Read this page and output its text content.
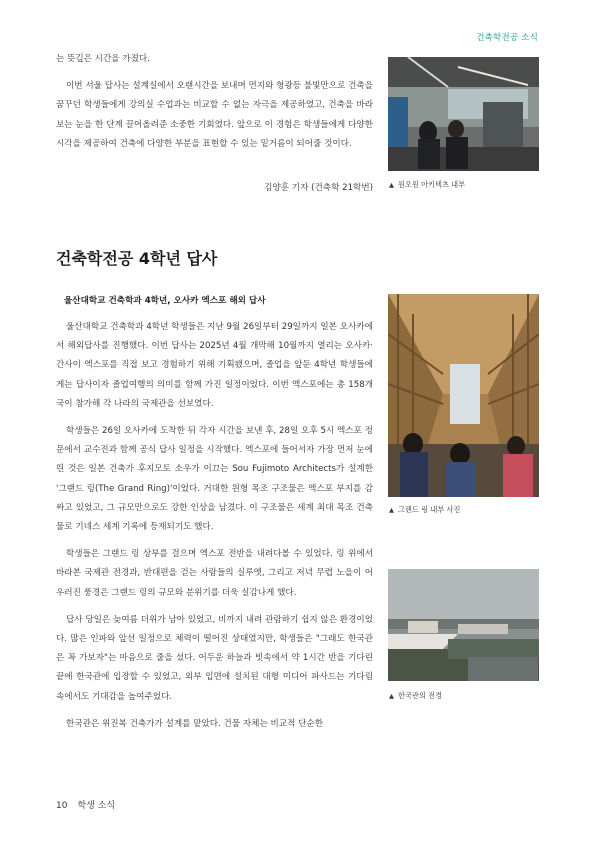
건축학전공 소식

는 뜻깊은 시간을 가졌다.

이번 서울 답사는 설계실에서 오랜시간을 보내며 먼지와 형광등 불빛만으로 건축을 꿈꾸던 학생들에게 강의실 수업과는 비교할 수 없는 자극을 제공하였고, 건축을 바라보는 눈을 한 단계 끌어올려준 소중한 기회였다. 앞으로 이 경험은 학생들에게 다양한 시각을 제공하여 건축에 다양한 부분을 표현할 수 있는 밑거름이 되어줄 것이다.

김양훈 기자 (건축학 21학번) ▲ 원오원 아키텍츠 내부
건축학전공 4학년 답사
울산대학교 건축학과 4학년, 오사카 엑스포 해외 답사

울산대학교 건축학과 4학년 학생들은 지난 9월 26일부터 29일까지 일본 오사카에서 해외답사를 진행했다. 이번 답사는 2025년 4월 개막해 10월까지 열리는 오사카·간사이 엑스포를 직접 보고 경험하기 위해 기획됐으며, 졸업을 앞둔 4학년 학생들에게는 답사이자 졸업여행의 의미를 함께 가진 일정이었다. 이번 엑스포에는 총 158개국이 참가해 각 나라의 국제관을 선보였다.

학생들은 26일 오사카에 도착한 뒤 각자 시간을 보낸 후, 28일 오후 5시 엑스포 정문에서 교수진과 함께 공식 답사 일정을 시작했다. 엑스포에 들어서자 가장 먼저 눈에 띈 것은 일본 건축가 후지모토 소우가 이끄는 Sou Fujimoto Architects가 설계한 '그랜드 링(The Grand Ring)'이었다. 거대한 원형 목조 구조물은 엑스포 부지를 감싸고 있었고, 그 규모만으로도 강한 인상을 남겼다. 이 구조물은 세계 최대 목조 건축물로 기네스 세계 기록에 등재되기도 했다.

학생들은 그랜드 링 상부를 걸으며 엑스포 전반을 내려다볼 수 있었다. 링 위에서 바라본 국제관 전경과, 반대편을 걷는 사람들의 실루엣, 그리고 저녁 무렵 노을이 어우러진 풍경은 그랜드 링의 규모와 분위기를 더욱 실감나게 했다.

답사 당일은 늦여름 더위가 남아 있었고, 비까지 내려 관람하기 쉽지 않은 환경이었다. 많은 인파와 앞선 일정으로 체력이 떨어진 상태였지만, 학생들은 "그래도 한국관은 꼭 가보자"는 마음으로 줄을 섰다. 어두운 하늘과 빗속에서 약 1시간 반을 기다린 끝에 한국관에 입장할 수 있었고, 외부 입면에 설치된 대형 미디어 파사드는 기다림 속에서도 기대감을 높여주었다.

한국관은 위진복 건축가가 설계를 맡았다. 건물 자체는 비교적 단순한

▲ 그랜드 링 내부 사진
▲ 한국관의 전경
10 학생 소식
